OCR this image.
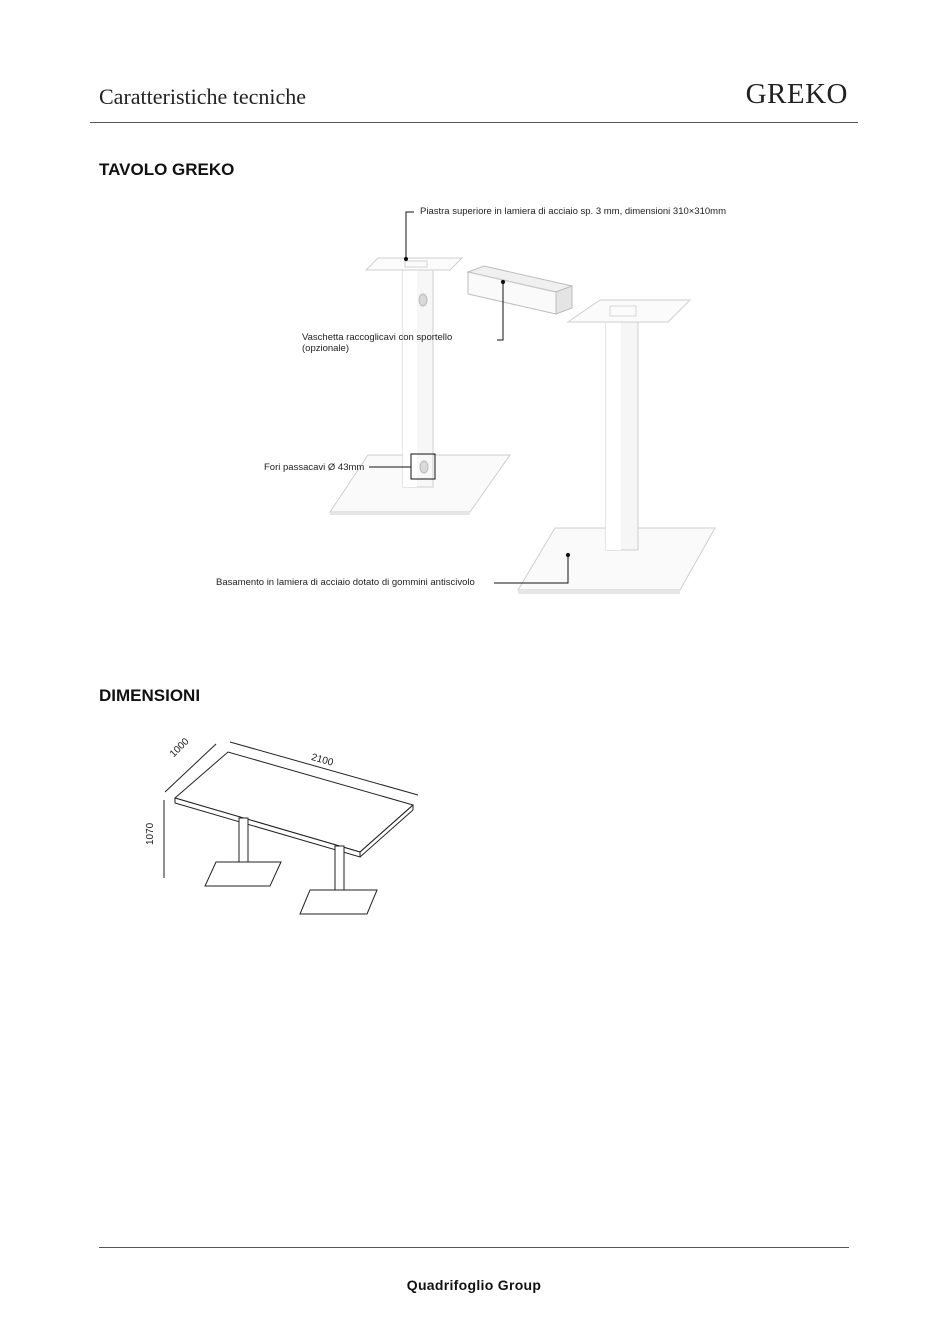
Caratteristiche tecniche	GREKO
TAVOLO GREKO
Piastra superiore in lamiera di acciaio sp. 3 mm, dimensioni 310×310mm
Vaschetta raccoglicavi con sportello
(opzionale)
Fori passacavi Ø 43mm
Basamento in lamiera di acciaio dotato di gommini antiscivolo
DIMENSIONI
1000
2100
1070
Quadrifoglio Group
